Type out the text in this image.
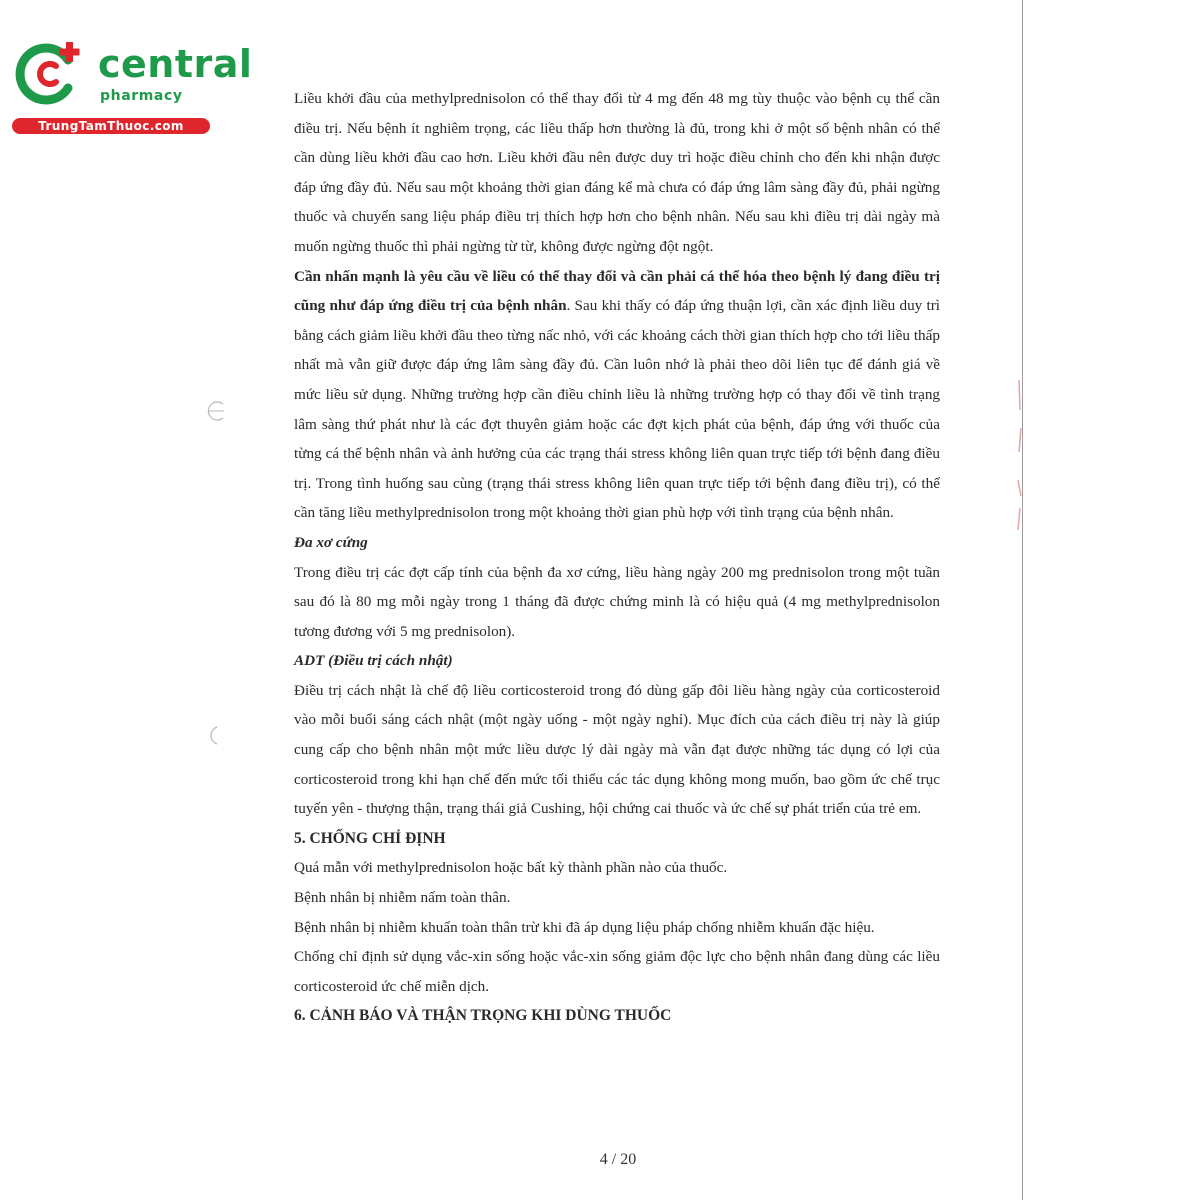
central
pharmacy
TrungTamThuoc.com

Liều khởi đầu của methylprednisolon có thể thay đổi từ 4 mg đến 48 mg tùy thuộc vào bệnh cụ thể cần điều trị. Nếu bệnh ít nghiêm trọng, các liều thấp hơn thường là đủ, trong khi ở một số bệnh nhân có thể cần dùng liều khởi đầu cao hơn. Liều khởi đầu nên được duy trì hoặc điều chỉnh cho đến khi nhận được đáp ứng đầy đủ. Nếu sau một khoảng thời gian đáng kể mà chưa có đáp ứng lâm sàng đầy đủ, phải ngừng thuốc và chuyển sang liệu pháp điều trị thích hợp hơn cho bệnh nhân. Nếu sau khi điều trị dài ngày mà muốn ngừng thuốc thì phải ngừng từ từ, không được ngừng đột ngột.

Cần nhấn mạnh là yêu cầu về liều có thể thay đổi và cần phải cá thể hóa theo bệnh lý đang điều trị cũng như đáp ứng điều trị của bệnh nhân. Sau khi thấy có đáp ứng thuận lợi, cần xác định liều duy trì bằng cách giảm liều khởi đầu theo từng nấc nhỏ, với các khoảng cách thời gian thích hợp cho tới liều thấp nhất mà vẫn giữ được đáp ứng lâm sàng đầy đủ. Cần luôn nhớ là phải theo dõi liên tục để đánh giá về mức liều sử dụng. Những trường hợp cần điều chỉnh liều là những trường hợp có thay đổi về tình trạng lâm sàng thứ phát như là các đợt thuyên giảm hoặc các đợt kịch phát của bệnh, đáp ứng với thuốc của từng cá thể bệnh nhân và ảnh hưởng của các trạng thái stress không liên quan trực tiếp tới bệnh đang điều trị. Trong tình huống sau cùng (trạng thái stress không liên quan trực tiếp tới bệnh đang điều trị), có thể cần tăng liều methylprednisolon trong một khoảng thời gian phù hợp với tình trạng của bệnh nhân.

Đa xơ cứng

Trong điều trị các đợt cấp tính của bệnh đa xơ cứng, liều hàng ngày 200 mg prednisolon trong một tuần sau đó là 80 mg mỗi ngày trong 1 tháng đã được chứng minh là có hiệu quả (4 mg methylprednisolon tương đương với 5 mg prednisolon).

ADT (Điều trị cách nhật)

Điều trị cách nhật là chế độ liều corticosteroid trong đó dùng gấp đôi liều hàng ngày của corticosteroid vào mỗi buổi sáng cách nhật (một ngày uống - một ngày nghỉ). Mục đích của cách điều trị này là giúp cung cấp cho bệnh nhân một mức liều dược lý dài ngày mà vẫn đạt được những tác dụng có lợi của corticosteroid trong khi hạn chế đến mức tối thiểu các tác dụng không mong muốn, bao gồm ức chế trục tuyến yên - thượng thận, trạng thái giả Cushing, hội chứng cai thuốc và ức chế sự phát triển của trẻ em.

5. CHỐNG CHỈ ĐỊNH

Quá mẫn với methylprednisolon hoặc bất kỳ thành phần nào của thuốc.

Bệnh nhân bị nhiễm nấm toàn thân.

Bệnh nhân bị nhiễm khuẩn toàn thân trừ khi đã áp dụng liệu pháp chống nhiễm khuẩn đặc hiệu.

Chống chỉ định sử dụng vắc-xin sống hoặc vắc-xin sống giảm độc lực cho bệnh nhân đang dùng các liều corticosteroid ức chế miễn dịch.

6. CẢNH BÁO VÀ THẬN TRỌNG KHI DÙNG THUỐC

4 / 20
